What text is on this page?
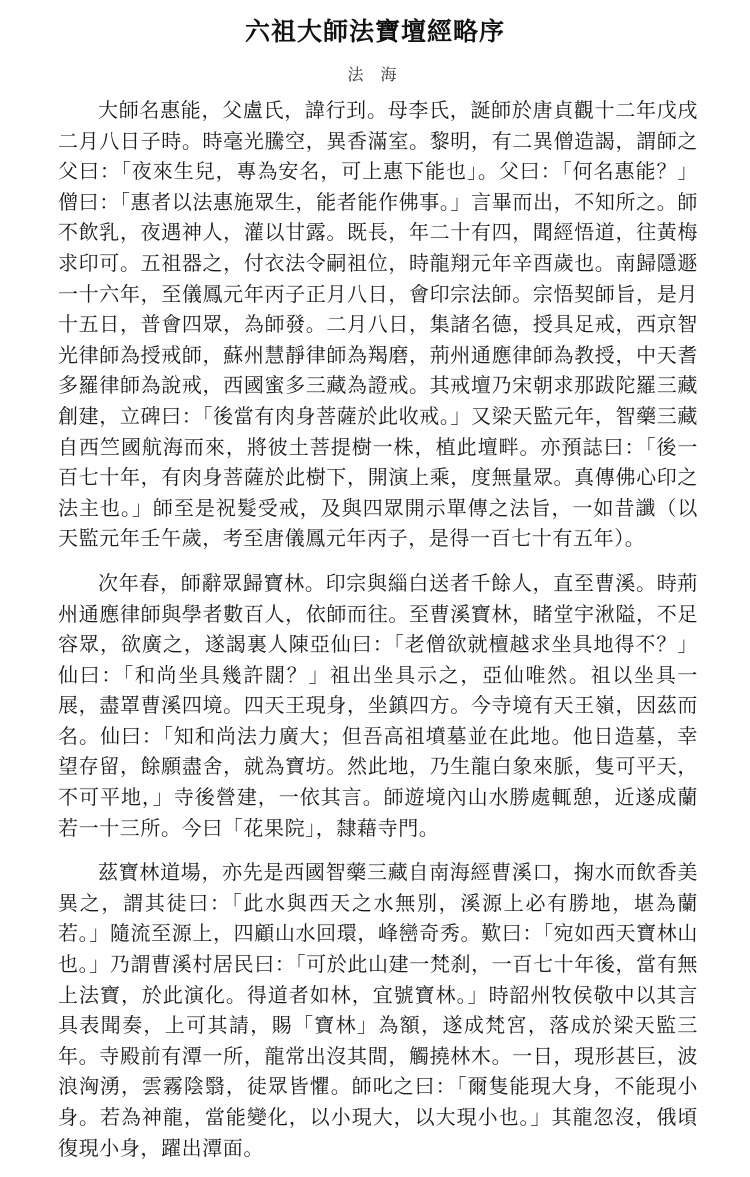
六祖大師法寶壇經略序
法 海

大師名惠能，父盧氏，諱行㺫。母李氏，誕師於唐貞觀十二年戊戌二月八日子時。時毫光騰空，異香滿室。黎明，有二異僧造謁，謂師之父曰：「夜來生兒，專為安名，可上惠下能也」。父曰：「何名惠能？」僧曰：「惠者以法惠施眾生，能者能作佛事。」言畢而出，不知所之。師不飲乳，夜遇神人，灌以甘露。既長，年二十有四，聞經悟道，往黃梅求印可。五祖器之，付衣法令嗣祖位，時龍翔元年辛酉歲也。南歸隱遯一十六年，至儀鳳元年丙子正月八日，會印宗法師。宗悟契師旨，是月十五日，普會四眾，為師發。二月八日，集諸名德，授具足戒，西京智光律師為授戒師，蘇州慧靜律師為羯磨，荊州通應律師為教授，中天耆多羅律師為說戒，西國蜜多三藏為證戒。其戒壇乃宋朝求那跋陀羅三藏創建，立碑曰：「後當有肉身菩薩於此收戒。」又梁天監元年，智藥三藏自西竺國航海而來，將彼土菩提樹一株，植此壇畔。亦預誌曰：「後一百七十年，有肉身菩薩於此樹下，開演上乘，度無量眾。真傳佛心印之法主也。」師至是祝髮受戒，及與四眾開示單傳之法旨，一如昔讖（以天監元年壬午歲，考至唐儀鳳元年丙子，是得一百七十有五年）。

次年春，師辭眾歸寶林。印宗與緇白送者千餘人，直至曹溪。時荊州通應律師與學者數百人，依師而往。至曹溪寶林，睹堂宇湫隘，不足容眾，欲廣之，遂謁裏人陳亞仙曰：「老僧欲就檀越求坐具地得不？」仙曰：「和尚坐具幾許闊？」祖出坐具示之，亞仙唯然。祖以坐具一展，盡罩曹溪四境。四天王現身，坐鎮四方。今寺境有天王嶺，因茲而名。仙曰：「知和尚法力廣大；但吾高祖墳墓並在此地。他日造墓，幸望存留，餘願盡舍，就為寶坊。然此地，乃生龍白象來脈，隻可平天，不可平地，」寺後營建，一依其言。師遊境內山水勝處輒憩，近遂成蘭若一十三所。今曰「花果院」，隸藉寺門。

茲寶林道場，亦先是西國智藥三藏自南海經曹溪口，掬水而飲香美異之，謂其徒曰：「此水與西天之水無別，溪源上必有勝地，堪為蘭若。」隨流至源上，四顧山水回環，峰巒奇秀。歎曰：「宛如西天寶林山也。」乃謂曹溪村居民曰：「可於此山建一梵刹，一百七十年後，當有無上法寶，於此演化。得道者如林，宜號寶林。」時韶州牧侯敬中以其言具表聞奏，上可其請，賜「寶林」為額，遂成梵宮，落成於梁天監三年。寺殿前有潭一所，龍常出沒其間，觸撓林木。一日，現形甚巨，波浪洶湧，雲霧陰翳，徒眾皆懼。師叱之曰：「爾隻能現大身，不能現小身。若為神龍，當能變化，以小現大，以大現小也。」其龍忽沒，俄頃復現小身，躍出潭面。
